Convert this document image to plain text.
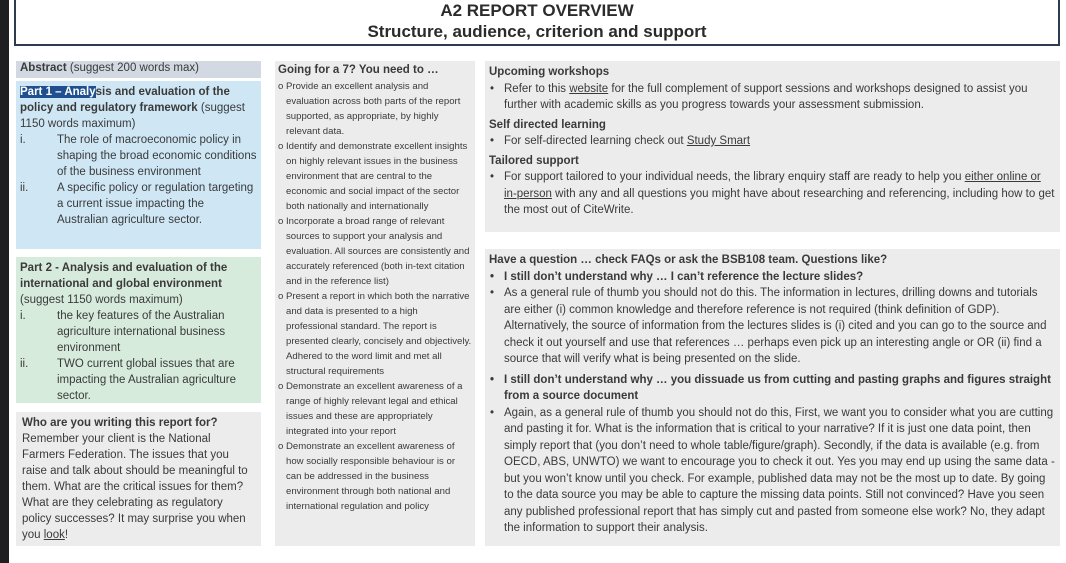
A2 REPORT OVERVIEW
Structure, audience, criterion and support
Abstract (suggest 200 words max)
Part 1 – Analysis and evaluation of the policy and regulatory framework (suggest 1150 words maximum)
i.	The role of macroeconomic policy in shaping the broad economic conditions of the business environment
ii.	A specific policy or regulation targeting a current issue impacting the Australian agriculture sector.
Part 2 - Analysis and evaluation of the international and global environment
(suggest 1150 words maximum)
i.	the key features of the Australian agriculture international business environment
ii.	TWO current global issues that are impacting the Australian agriculture sector.
Who are you writing this report for?
Remember your client is the National Farmers Federation. The issues that you raise and talk about should be meaningful to them. What are the critical issues for them? What are they celebrating as regulatory policy successes? It may surprise you when you look!
Going for a 7? You need to …
o Provide an excellent analysis and evaluation across both parts of the report supported, as appropriate, by highly relevant data.
o Identify and demonstrate excellent insights on highly relevant issues in the business environment that are central to the economic and social impact of the sector both nationally and internationally
o Incorporate a broad range of relevant sources to support your analysis and evaluation. All sources are consistently and accurately referenced (both in-text citation and in the reference list)
o Present a report in which both the narrative and data is presented to a high professional standard. The report is presented clearly, concisely and objectively. Adhered to the word limit and met all structural requirements
o Demonstrate an excellent awareness of a range of highly relevant legal and ethical issues and these are appropriately integrated into your report
o Demonstrate an excellent awareness of how socially responsible behaviour is or can be addressed in the business environment through both national and international regulation and policy
Upcoming workshops
• Refer to this website for the full complement of support sessions and workshops designed to assist you further with academic skills as you progress towards your assessment submission.
Self directed learning
• For self-directed learning check out Study Smart
Tailored support
• For support tailored to your individual needs, the library enquiry staff are ready to help you either online or in-person with any and all questions you might have about researching and referencing, including how to get the most out of CiteWrite.
Have a question … check FAQs or ask the BSB108 team. Questions like?
• I still don’t understand why … I can’t reference the lecture slides?
• As a general rule of thumb you should not do this. The information in lectures, drilling downs and tutorials are either (i) common knowledge and therefore reference is not required (think definition of GDP). Alternatively, the source of information from the lectures slides is (i) cited and you can go to the source and check it out yourself and use that references … perhaps even pick up an interesting angle or OR (ii) find a source that will verify what is being presented on the slide.
• I still don’t understand why … you dissuade us from cutting and pasting graphs and figures straight from a source document
• Again, as a general rule of thumb you should not do this, First, we want you to consider what you are cutting and pasting it for. What is the information that is critical to your narrative? If it is just one data point, then simply report that (you don’t need to whole table/figure/graph). Secondly, if the data is available (e.g. from OECD, ABS, UNWTO) we want to encourage you to check it out. Yes you may end up using the same data - but you won’t know until you check. For example, published data may not be the most up to date. By going to the data source you may be able to capture the missing data points. Still not convinced? Have you seen any published professional report that has simply cut and pasted from someone else work? No, they adapt the information to support their analysis.
